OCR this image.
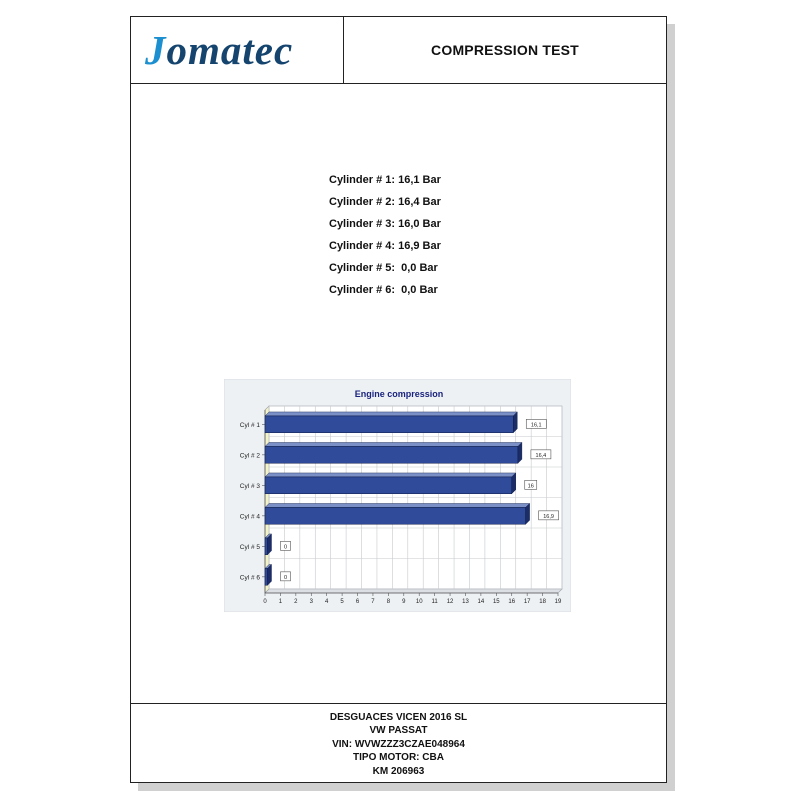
Jomatec	COMPRESSION TEST
Cylinder # 1: 16,1 Bar
Cylinder # 2: 16,4 Bar
Cylinder # 3: 16,0 Bar
Cylinder # 4: 16,9 Bar
Cylinder # 5:  0,0 Bar
Cylinder # 6:  0,0 Bar
Engine compression
0 1 2 3 4 5 6 7 8 9 10 11 12 13 14 15 16 17 18 19
Cyl # 1	16,1
Cyl # 2	16,4
Cyl # 3	16
Cyl # 4	16,9
Cyl # 5	0
Cyl # 6	0
DESGUACES VICEN 2016 SL
VW PASSAT
VIN: WVWZZZ3CZAE048964
TIPO MOTOR: CBA
KM 206963
